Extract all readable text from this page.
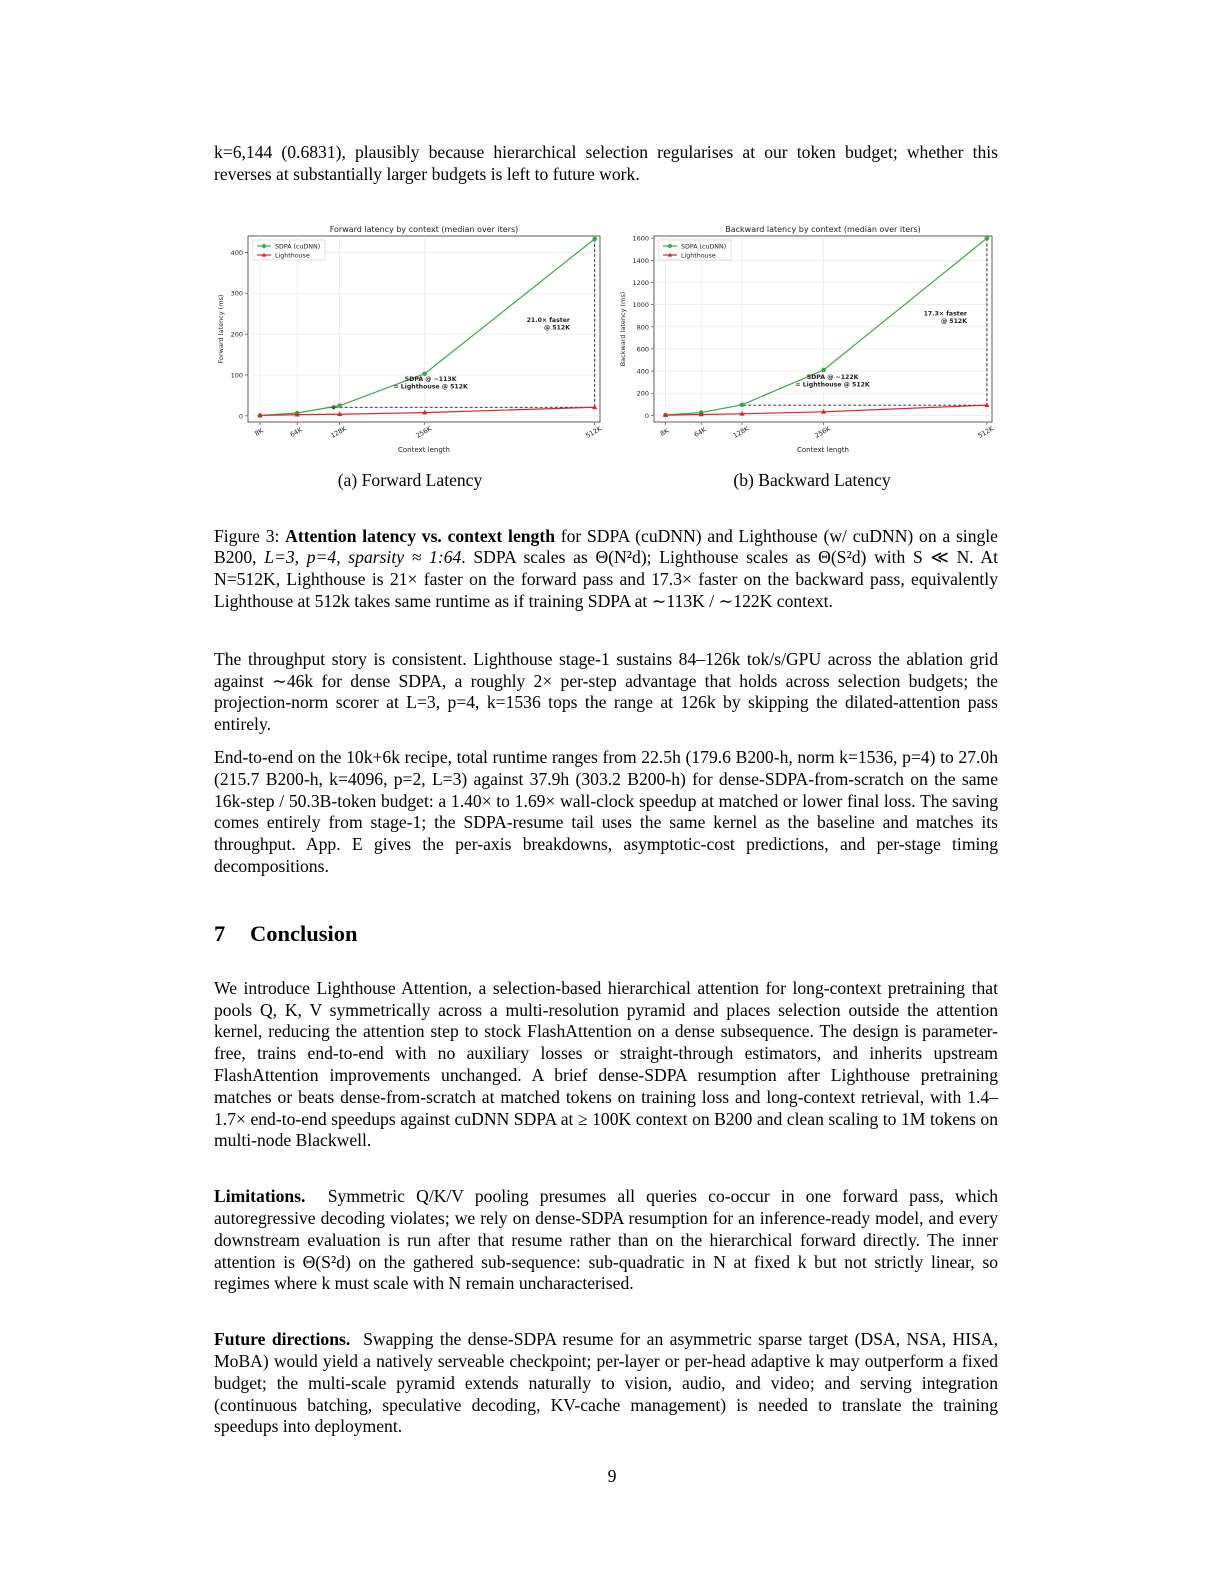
k=6,144 (0.6831), plausibly because hierarchical selection regularises at our token budget; whether this reverses at substantially larger budgets is left to future work.

Forward latency by context (median over iters)
0
100
200
300
400
8K	64K	128K	256K	512K
Context length
Forward latency (ms)	21.0× faster
@ 512K
SDPA @ ~113K
= Lighthouse @ 512K
SDPA (cuDNN)
Lighthouse
Backward latency by context (median over iters)
0
200
400
600
800
1000
1200
1400
1600
8K	64K	128K	256K	512K
Context length
Backward latency (ms)	17.3× faster
@ 512K
SDPA @ ~122K
= Lighthouse @ 512K
SDPA (cuDNN)
Lighthouse
(a) Forward Latency	(b) Backward Latency

Figure 3: Attention latency vs. context length for SDPA (cuDNN) and Lighthouse (w/ cuDNN) on a single B200, L=3, p=4, sparsity ≈ 1:64. SDPA scales as Θ(N²d); Lighthouse scales as Θ(S²d) with S ≪ N. At N=512K, Lighthouse is 21× faster on the forward pass and 17.3× faster on the backward pass, equivalently Lighthouse at 512k takes same runtime as if training SDPA at ∼113K / ∼122K context.

The throughput story is consistent. Lighthouse stage-1 sustains 84–126k tok/s/GPU across the ablation grid against ∼46k for dense SDPA, a roughly 2× per-step advantage that holds across selection budgets; the projection-norm scorer at L=3, p=4, k=1536 tops the range at 126k by skipping the dilated-attention pass entirely.

End-to-end on the 10k+6k recipe, total runtime ranges from 22.5h (179.6 B200-h, norm k=1536, p=4) to 27.0h (215.7 B200-h, k=4096, p=2, L=3) against 37.9h (303.2 B200-h) for dense-SDPA-from-scratch on the same 16k-step / 50.3B-token budget: a 1.40× to 1.69× wall-clock speedup at matched or lower final loss. The saving comes entirely from stage-1; the SDPA-resume tail uses the same kernel as the baseline and matches its throughput. App. E gives the per-axis breakdowns, asymptotic-cost predictions, and per-stage timing decompositions.

7 Conclusion

We introduce Lighthouse Attention, a selection-based hierarchical attention for long-context pretraining that pools Q, K, V symmetrically across a multi-resolution pyramid and places selection outside the attention kernel, reducing the attention step to stock FlashAttention on a dense subsequence. The design is parameter-free, trains end-to-end with no auxiliary losses or straight-through estimators, and inherits upstream FlashAttention improvements unchanged. A brief dense-SDPA resumption after Lighthouse pretraining matches or beats dense-from-scratch at matched tokens on training loss and long-context retrieval, with 1.4–1.7× end-to-end speedups against cuDNN SDPA at ≥ 100K context on B200 and clean scaling to 1M tokens on multi-node Blackwell.

Limitations. Symmetric Q/K/V pooling presumes all queries co-occur in one forward pass, which autoregressive decoding violates; we rely on dense-SDPA resumption for an inference-ready model, and every downstream evaluation is run after that resume rather than on the hierarchical forward directly. The inner attention is Θ(S²d) on the gathered sub-sequence: sub-quadratic in N at fixed k but not strictly linear, so regimes where k must scale with N remain uncharacterised.

Future directions. Swapping the dense-SDPA resume for an asymmetric sparse target (DSA, NSA, HISA, MoBA) would yield a natively serveable checkpoint; per-layer or per-head adaptive k may outperform a fixed budget; the multi-scale pyramid extends naturally to vision, audio, and video; and serving integration (continuous batching, speculative decoding, KV-cache management) is needed to translate the training speedups into deployment.

9
